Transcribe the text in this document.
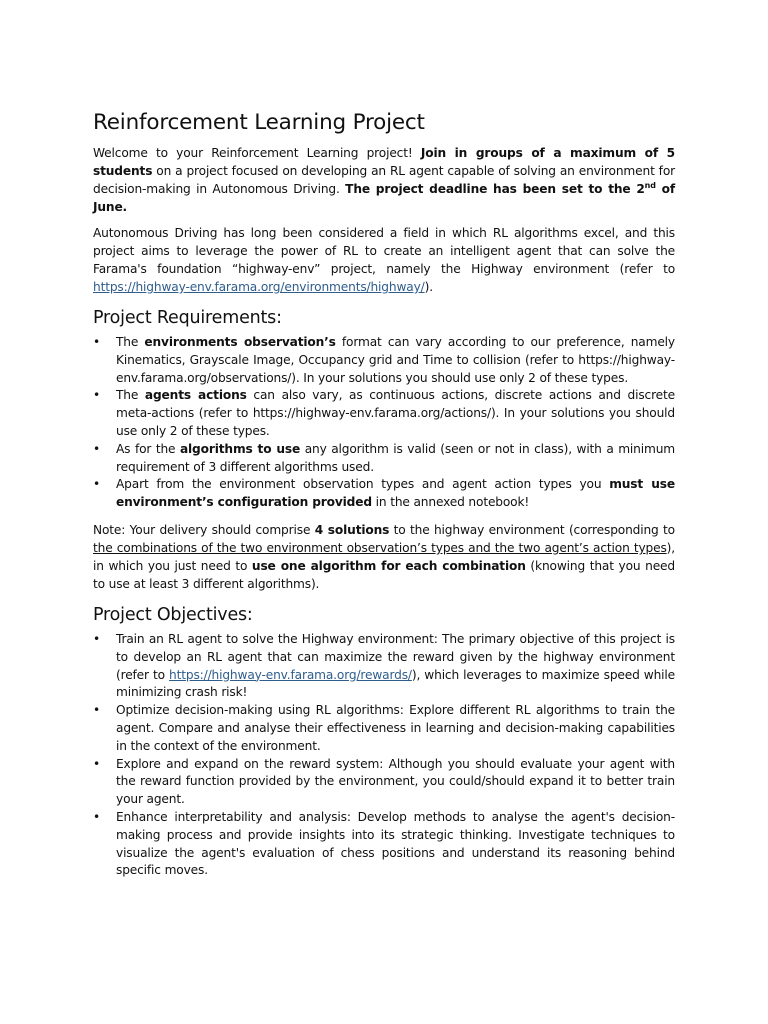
Reinforcement Learning Project

Welcome to your Reinforcement Learning project! Join in groups of a maximum of 5 students on a project focused on developing an RL agent capable of solving an environment for decision-making in Autonomous Driving. The project deadline has been set to the 2nd of June.

Autonomous Driving has long been considered a field in which RL algorithms excel, and this project aims to leverage the power of RL to create an intelligent agent that can solve the Farama's foundation “highway-env” project, namely the Highway environment (refer to https://highway-env.farama.org/environments/highway/).

Project Requirements:
• The environments observation’s format can vary according to our preference, namely Kinematics, Grayscale Image, Occupancy grid and Time to collision (refer to https://highway-env.farama.org/observations/). In your solutions you should use only 2 of these types.
• The agents actions can also vary, as continuous actions, discrete actions and discrete meta-actions (refer to https://highway-env.farama.org/actions/). In your solutions you should use only 2 of these types.
• As for the algorithms to use any algorithm is valid (seen or not in class), with a minimum requirement of 3 different algorithms used.
• Apart from the environment observation types and agent action types you must use environment’s configuration provided in the annexed notebook!

Note: Your delivery should comprise 4 solutions to the highway environment (corresponding to the combinations of the two environment observation’s types and the two agent’s action types), in which you just need to use one algorithm for each combination (knowing that you need to use at least 3 different algorithms).

Project Objectives:
• Train an RL agent to solve the Highway environment: The primary objective of this project is to develop an RL agent that can maximize the reward given by the highway environment (refer to https://highway-env.farama.org/rewards/), which leverages to maximize speed while minimizing crash risk!
• Optimize decision-making using RL algorithms: Explore different RL algorithms to train the agent. Compare and analyse their effectiveness in learning and decision-making capabilities in the context of the environment.
• Explore and expand on the reward system: Although you should evaluate your agent with the reward function provided by the environment, you could/should expand it to better train your agent.
• Enhance interpretability and analysis: Develop methods to analyse the agent's decision-making process and provide insights into its strategic thinking. Investigate techniques to visualize the agent's evaluation of chess positions and understand its reasoning behind specific moves.
